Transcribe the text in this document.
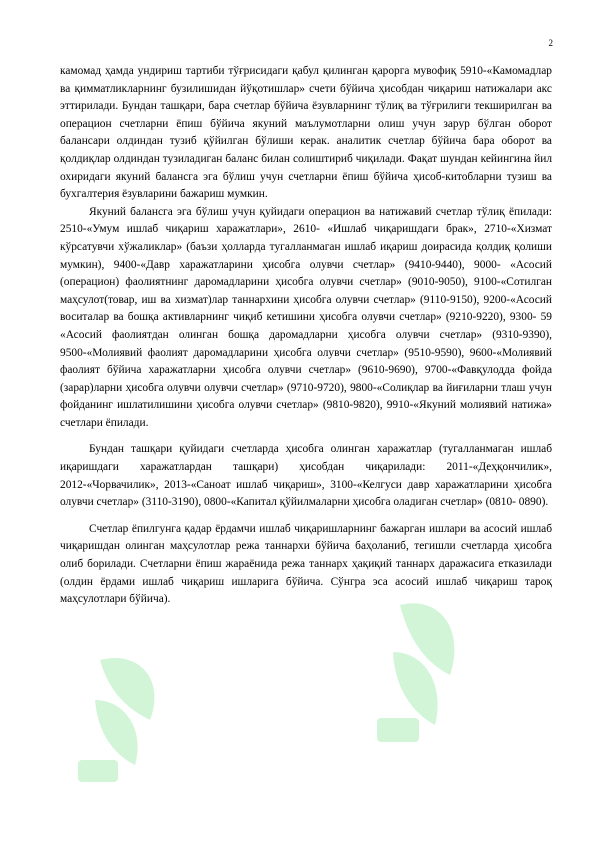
2

камомад ҳамда ундириш тартиби тўғрисидаги қабул қилинган қарорга мувофиқ 5910-«Камомадлар ва қимматликларнинг бузилишидан йўқотишлар» счети бўйича ҳисобдан чиқариш натижалари акс эттирилади. Бундан ташқари, бара счетлар бўйича ёзувларнинг тўлиқ ва тўғрилиги текширилган ва операцион счетларни ёпиш бўйича якуний маълумотларни олиш учун зарур бўлган оборот балансари олдиндан тузиб қўйилган бўлиши керак. аналитик счетлар бўйича бара оборот ва қолдиқлар олдиндан тузиладиган баланс билан солиштириб чиқилади. Фақат шундан кейингина йил охиридаги якуний балансга эга бўлиш учун счетларни ёпиш бўйича ҳисоб-китобларни тузиш ва бухгалтерия ёзувларини бажариш мумкин.

Якуний балансга эга бўлиш учун қуйидаги операцион ва натижавий счетлар тўлиқ ёпилади: 2510-«Умум ишлаб чиқариш харажатлари», 2610- «Ишлаб чиқаришдаги брак», 2710-«Хизмат кўрсатувчи хўжаликлар» (баъзи ҳолларда тугалланмаган ишлаб иқариш доирасида қолдиқ қолиши мумкин), 9400-«Давр харажатларини ҳисобга олувчи счетлар» (9410-9440), 9000- «Асосий (операцион) фаолиятнинг даромадларини ҳисобга олувчи счетлар» (9010-9050), 9100-«Сотилган маҳсулот(товар, иш ва хизмат)лар таннархини ҳисобга олувчи счетлар» (9110-9150), 9200-«Асосий воситалар ва бошқа активларнинг чиқиб кетишини ҳисобга олувчи счетлар» (9210-9220), 9300- 59 «Асосий фаолиятдан олинган бошқа даромадларни ҳисобга олувчи счетлар» (9310-9390), 9500-«Молиявий фаолият даромадларини ҳисобга олувчи счетлар» (9510-9590), 9600-«Молиявий фаолият бўйича харажатларни ҳисобга олувчи счетлар» (9610-9690), 9700-«Фавқулодда фойда (зарар)ларни ҳисобга олувчи олувчи счетлар» (9710-9720), 9800-«Солиқлар ва йиғиларни тлаш учун фойданинг ишлатилишини ҳисобга олувчи счетлар» (9810-9820), 9910-«Якуний молиявий натижа» счетлари ёпилади.

Бундан ташқари қуйидаги счетларда ҳисобга олинган харажатлар (тугалланмаган ишлаб иқаришдаги харажатлардан ташқари) ҳисобдан чиқарилади: 2011-«Деҳқончилик», 2012-«Чорвачилик», 2013-«Саноат ишлаб чиқариш», 3100-«Келгуси давр харажатларини ҳисобга олувчи счетлар» (3110-3190), 0800-«Капитал қўйилмаларни ҳисобга оладиган счетлар» (0810- 0890).

Счетлар ёпилгунга қадар ёрдамчи ишлаб чиқаришларнинг бажарган ишлари ва асосий ишлаб чиқаришдан олинган маҳсулотлар режа таннархи бўйича баҳоланиб, тегишли счетларда ҳисобга олиб борилади. Счетларни ёпиш жараёнида режа таннарх ҳақиқий таннарх даражасига етказилади (олдин ёрдами ишлаб чиқариш ишларига бўйича. Сўнгра эса асосий ишлаб чиқариш тароқ маҳсулотлари бўйича).
